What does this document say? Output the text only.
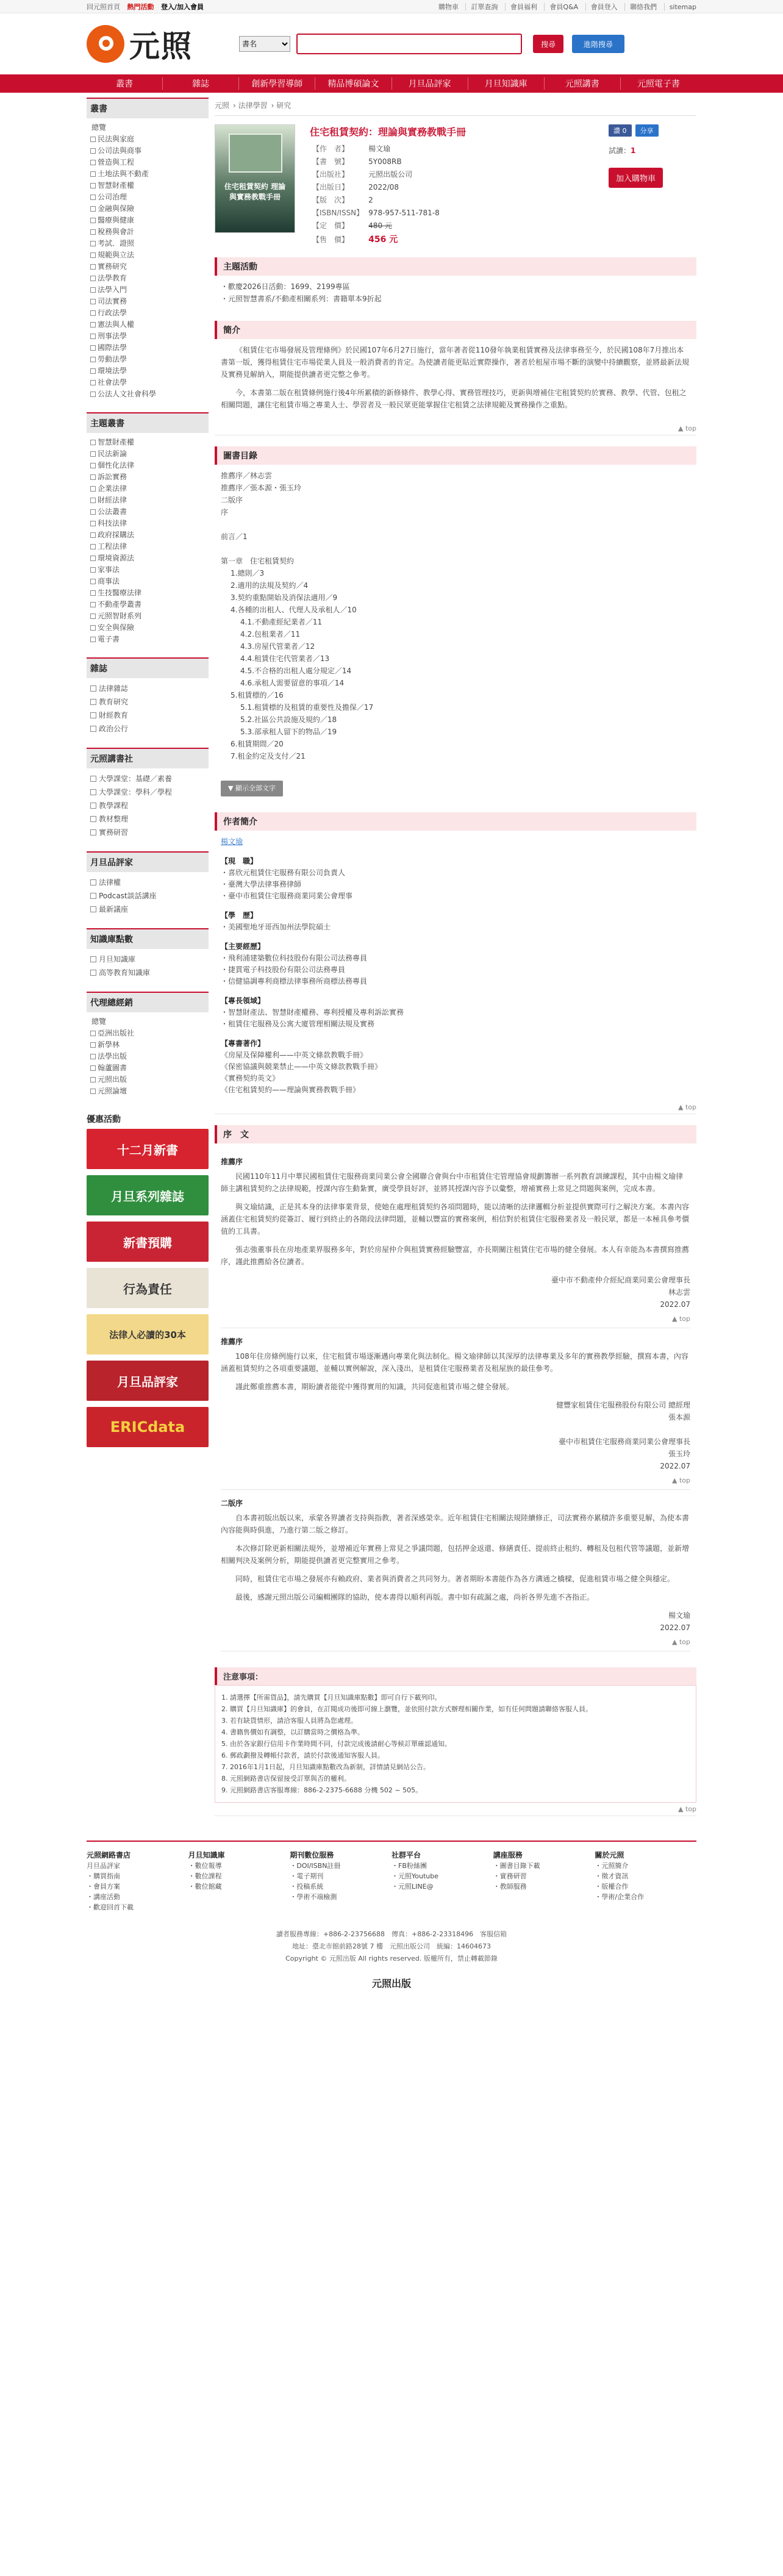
回元照首頁 熱門活動 登入/加入會員	購物車 訂單查詢 會員福利 會員Q&A 會員登入 聯絡我們 sitemap
元照
書名	搜尋	進階搜尋
叢書	雜誌	創新學習導師	精品博碩論文	月旦品評家	月旦知識庫	元照講書	元照電子書
叢書
總覽
民法與家庭
公司法與商事
營造與工程
土地法與不動產
智慧財產權
公司治理
金融與保險
醫療與健康
稅務與會計
考試．證照
規範與立法
實務研究
法學教育
法學入門
司法實務
行政法學
憲法與人權
刑事法學
國際法學
勞動法學
環境法學
社會法學
公法人文社會科學
主題叢書
智慧財產權
民法新論
個性化法律
訴訟實務
企業法律
財經法律
公法叢書
科技法律
政府採購法
工程法律
環境資源法
家事法
商事法
生技醫療法律
不動產學叢書
元照智財系列
安全與保險
電子書
雜誌
法律雜誌
教育研究
財經教育
政治公行
元照講書社
大學課堂：基礎／素養
大學課堂：學科／學程
教學課程
教材整理
實務研習
月旦品評家
法律權
Podcast談話講座
最新議座
知識庫點數
月旦知識庫
高等教育知識庫
代理總經銷
總覽
亞洲出版社
新學林
法學出版
翰蘆圖書
元照出版
元照論壇
優惠活動
十二月新書
月旦系列雜誌
新書預購
行為責任
法律人必讀的30本
月旦品評家
ERICdata
元照 › 法律學習 › 研究
住宅租賃契約 理論與實務教戰手冊
住宅租賃契約：理論與實務教戰手冊
【作　者】	楊文瑜
【書　號】	5Y008RB
【出版社】	元照出版公司
【出版日】	2022/08
【版　次】	2
【ISBN/ISSN】	978-957-511-781-8
【定　價】	480 元
【售　價】	456 元
讚 0	分享
試讀：1
加入購物車
主題活動

・歡慶2026日活動：1699、2199專區

・元照智慧書系/不動產相關系列：書籍單本9折起

簡介

《租賃住宅市場發展及管理條例》於民國107年6月27日施行，當年著者從110發年執業租賃實務及法律事務至今，於民國108年7月推出本書第一版，獲得租賃住宅市場從業人員及一般消費者的肯定。為使讀者能更貼近實際操作，著者於租屋市場不斷的演變中持續觀察，並將最新法規及實務見解納入，期能提供讀者更完整之參考。

今，本書第二版在租賃條例施行後4年所累積的新修條件、教學心得、實務管理技巧，更新與增補住宅租賃契約於實務、教學、代管、包租之相關問題，讓住宅租賃市場之專業人士、學習者及一般民眾更能掌握住宅租賃之法律規範及實務操作之重點。

▲ top
圖書目錄

推薦序／林志雲

推薦序／張本源・張玉玲

二版序

序

前言／1

第一章　住宅租賃契約

1.總則／3

2.適用的法規及契約／4

3.契約重點開始及消保法適用／9

4.各種的出租人、代理人及承租人／10

4.1.不動產經紀業者／11

4.2.包租業者／11

4.3.房屋代管業者／12

4.4.租賃住宅代管業者／13

4.5.不合格的出租人處分規定／14

4.6.承租人需要留意的事項／14

5.租賃標的／16

5.1.租賃標的及租賃的重要性及擔保／17

5.2.社區公共設施及規約／18

5.3.部承租人留下的物品／19

6.租賃期間／20

7.租金約定及支付／21

▼ 顯示全部文字
作者簡介
楊文瑜
【現　職】
・喜欣元租賃住宅服務有限公司負責人
・臺灣大學法律事務律師
・臺中市租賃住宅服務商業同業公會理事
【學　歷】
・美國聖地牙哥西加州法學院碩士
【主要經歷】
・飛利浦建築數位科技股份有限公司法務專員
・捷貫電子科技股份有限公司法務專員
・信健協調專利商標法律事務所商標法務專員
【專長領域】
・智慧財產法、智慧財產權務、專利授權及專利訴訟實務
・租賃住宅服務及公寓大廈管理相關法規及實務
【專書著作】
《房屋及保障權利——中英文條款教戰手冊》
《保密協議與競業禁止——中英文條款教戰手冊》
《實務契約英文》
《住宅租賃契約——理論與實務教戰手冊》
▲ top
序　文
推薦序

民國110年11月中華民國租賃住宅服務商業同業公會全國聯合會與台中市租賃住宅管理協會規劃籌辦一系列教育訓練課程，其中由楊文瑜律師主講租賃契約之法律規範，授課內容生動紮實，廣受學員好評，並將其授課內容予以彙整，增補實務上常見之問題與案例，完成本書。

與文瑜結識，正是其本身的法律事業背景，使她在處理租賃契約各項問題時，能以清晰的法律邏輯分析並提供實際可行之解決方案。本書內容涵蓋住宅租賃契約從簽訂、履行到終止的各階段法律問題，並輔以豐富的實務案例，相信對於租賃住宅服務業者及一般民眾，都是一本極具參考價值的工具書。

張志強董事長在房地產業界服務多年，對於房屋仲介與租賃實務經驗豐富，亦長期關注租賃住宅市場的健全發展。本人有幸能為本書撰寫推薦序，謹此推薦給各位讀者。

臺中市不動產仲介經紀商業同業公會理事長
林志雲
2022.07
▲ top
推薦序

108年住房條例施行以來，住宅租賃市場逐漸邁向專業化與法制化。楊文瑜律師以其深厚的法律專業及多年的實務教學經驗，撰寫本書，內容涵蓋租賃契約之各項重要議題，並輔以實例解說，深入淺出，是租賃住宅服務業者及租屋族的最佳參考。

謹此鄭重推薦本書，期盼讀者能從中獲得實用的知識，共同促進租賃市場之健全發展。

健豐家租賃住宅服務股份有限公司 總經理
張本源

臺中市租賃住宅服務商業同業公會理事長
張玉玲
2022.07
▲ top
二版序

自本書初版出版以來，承蒙各界讀者支持與指教，著者深感榮幸。近年租賃住宅相關法規陸續修正，司法實務亦累積許多重要見解，為使本書內容能與時俱進，乃進行第二版之修訂。

本次修訂除更新相關法規外，並增補近年實務上常見之爭議問題，包括押金返還、修繕責任、提前終止租約、轉租及包租代管等議題，並新增相關判決及案例分析，期能提供讀者更完整實用之參考。

同時，租賃住宅市場之發展亦有賴政府、業者與消費者之共同努力。著者期盼本書能作為各方溝通之橋樑，促進租賃市場之健全與穩定。

最後，感謝元照出版公司編輯團隊的協助，使本書得以順利再版。書中如有疏漏之處，尚祈各界先進不吝指正。

楊文瑜
2022.07
▲ top
注意事項：
1. 請選擇【所需貨品】，請先購買【月旦知識庫點數】即可自行下載列印。
2. 購買【月旦知識庫】的會員，在訂閱成功後即可線上瀏覽，並依照付款方式辦理相關作業，如有任何問題請聯絡客服人員。
3. 若有缺貨情形，請洽客服人員將為您處理。
4. 書籍售價如有調整，以訂購當時之價格為準。
5. 由於各家銀行信用卡作業時間不同，付款完成後請耐心等候訂單確認通知。
6. 郵政劃撥及轉帳付款者，請於付款後通知客服人員。
7. 2016年1月1日起，月旦知識庫點數改為新制，詳情請見網站公告。
8. 元照網路書店保留接受訂單與否的權利。
9. 元照網路書店客服專線：886-2-2375-6688 分機 502 ~ 505。
▲ top
元照網路書店
月旦品評家
・購買指南
・會員方案
・講座活動
・歡迎回首下載
月旦知識庫
・數位報導
・數位課程
・數位館藏
期刊數位服務
・DOI/ISBN註冊
・電子期刊
・投稿系統
・學術不端檢測
社群平台
・FB粉絲團
・元照Youtube
・元照LINE@
講座服務
・圖書目錄下載
・實務研習
・教師服務
關於元照
・元照簡介
・徵才資訊
・版權合作
・學術/企業合作
讀者服務專線：+886-2-23756688　傳真：+886-2-23318496　客服信箱
地址：臺北市館前路28號 7 樓　元照出版公司　統編：14604673
Copyright © 元照出版 All rights reserved. 版權所有，禁止轉載節錄
元照出版
